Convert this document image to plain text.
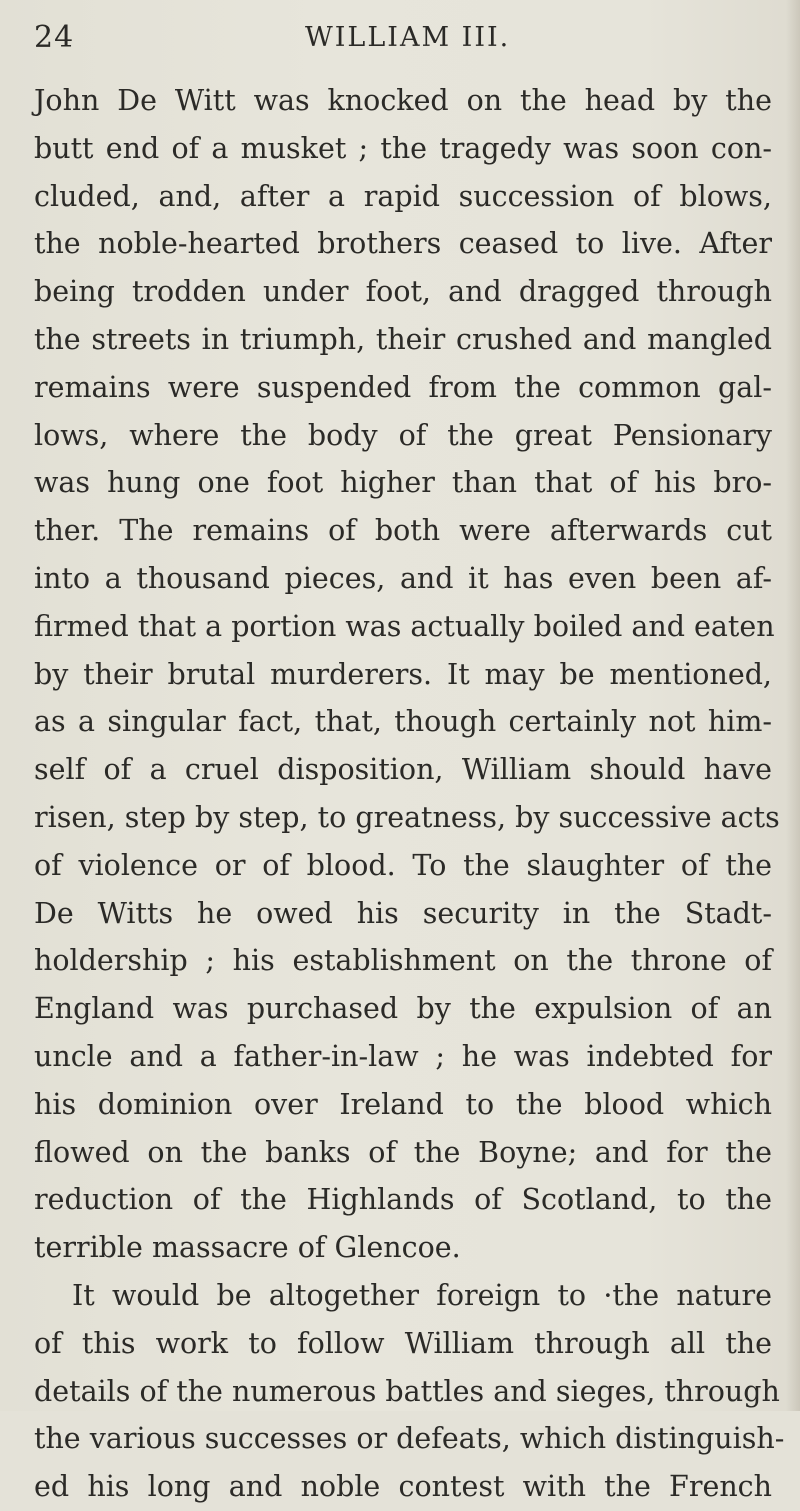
24	WILLIAM III.
John De Witt was knocked on the head by the
butt end of a musket ; the tragedy was soon con-
cluded, and, after a rapid succession of blows,
the noble-hearted brothers ceased to live. After
being trodden under foot, and dragged through
the streets in triumph, their crushed and mangled
remains were suspended from the common gal-
lows, where the body of the great Pensionary
was hung one foot higher than that of his bro-
ther. The remains of both were afterwards cut
into a thousand pieces, and it has even been af-
firmed that a portion was actually boiled and eaten
by their brutal murderers. It may be mentioned,
as a singular fact, that, though certainly not him-
self of a cruel disposition, William should have
risen, step by step, to greatness, by successive acts
of violence or of blood. To the slaughter of the
De Witts he owed his security in the Stadt-
holdership ; his establishment on the throne of
England was purchased by the expulsion of an
uncle and a father-in-law ; he was indebted for
his dominion over Ireland to the blood which
flowed on the banks of the Boyne; and for the
reduction of the Highlands of Scotland, to the
terrible massacre of Glencoe.
It would be altogether foreign to ·the nature
of this work to follow William through all the
details of the numerous battles and sieges, through
the various successes or defeats, which distinguish-
ed his long and noble contest with the French
